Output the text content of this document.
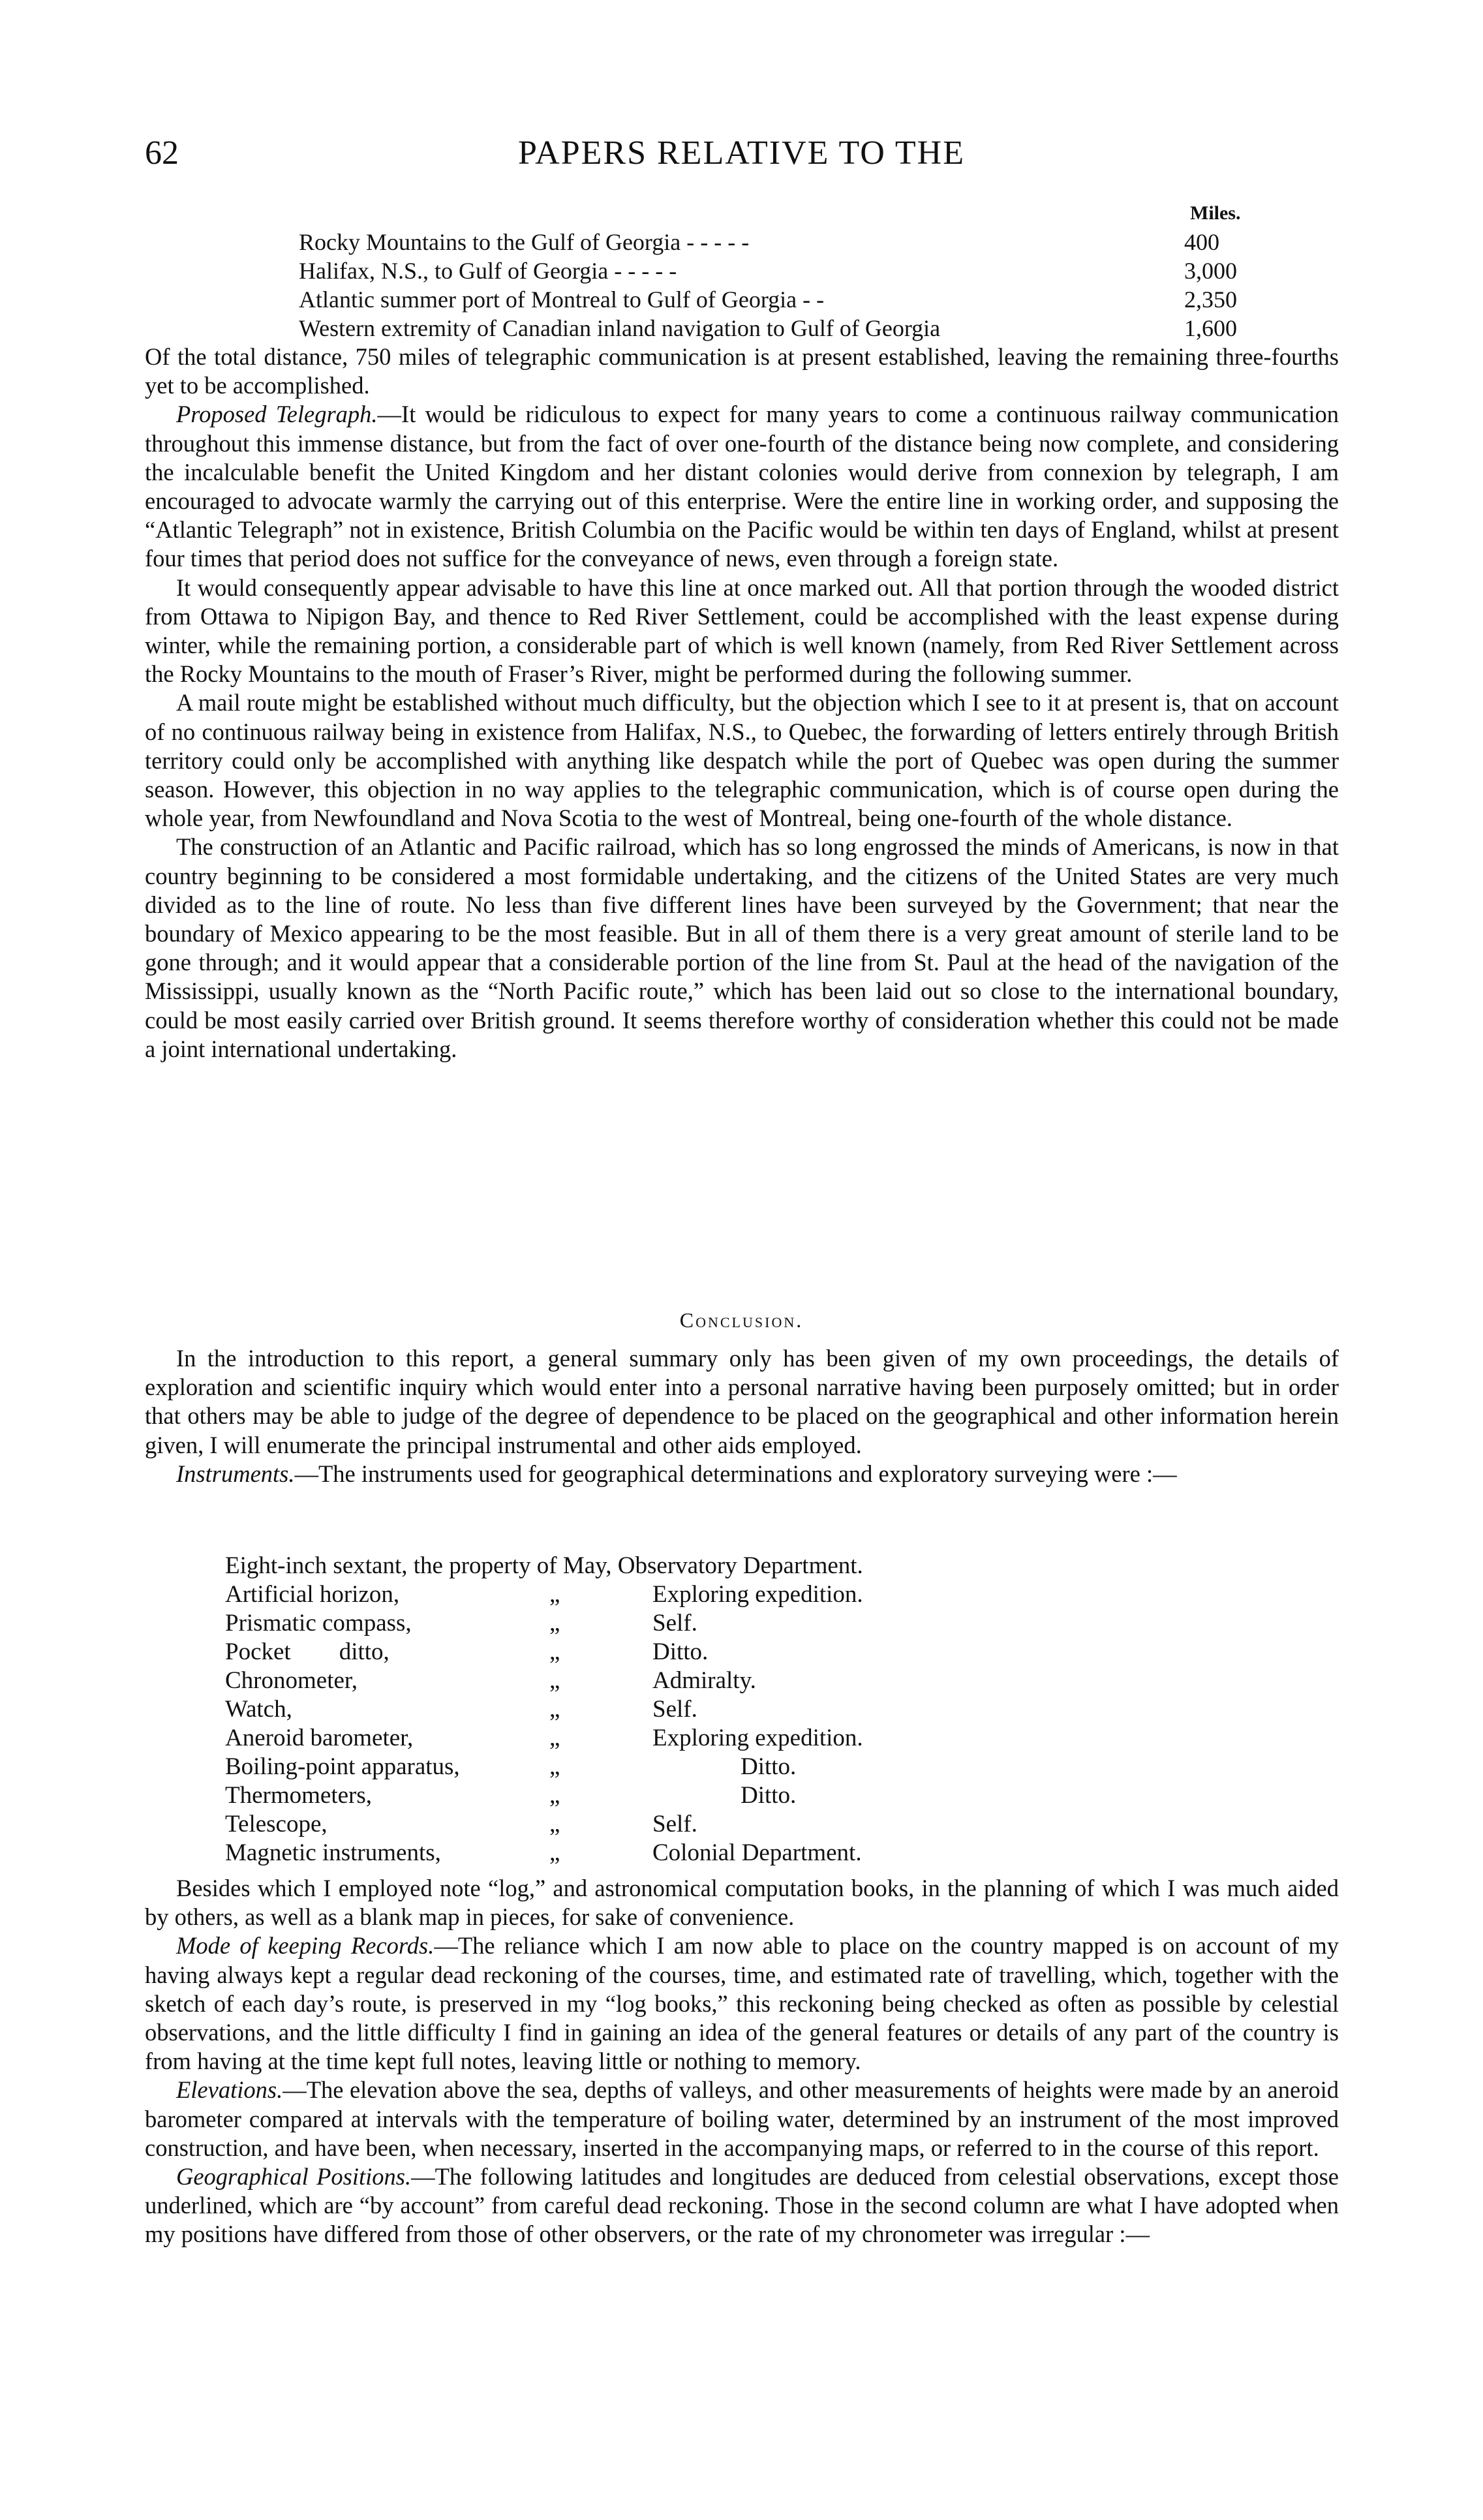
62	PAPERS RELATIVE TO THE
Miles.
Rocky Mountains to the Gulf of Georgia - - - - -	400
Halifax, N.S., to Gulf of Georgia - - - - -	3,000
Atlantic summer port of Montreal to Gulf of Georgia - -	2,350
Western extremity of Canadian inland navigation to Gulf of Georgia	1,600

Of the total distance, 750 miles of telegraphic communication is at present established, leaving the remaining three-fourths yet to be accomplished.

Proposed Telegraph.—It would be ridiculous to expect for many years to come a continuous railway communication throughout this immense distance, but from the fact of over one-fourth of the distance being now complete, and considering the incalculable benefit the United Kingdom and her distant colonies would derive from connexion by telegraph, I am encouraged to advocate warmly the carrying out of this enterprise. Were the entire line in working order, and supposing the “Atlantic Telegraph” not in existence, British Columbia on the Pacific would be within ten days of England, whilst at present four times that period does not suffice for the conveyance of news, even through a foreign state.

It would consequently appear advisable to have this line at once marked out. All that portion through the wooded district from Ottawa to Nipigon Bay, and thence to Red River Settlement, could be accomplished with the least expense during winter, while the remaining portion, a considerable part of which is well known (namely, from Red River Settlement across the Rocky Mountains to the mouth of Fraser’s River, might be performed during the following summer.

A mail route might be established without much difficulty, but the objection which I see to it at present is, that on account of no continuous railway being in existence from Halifax, N.S., to Quebec, the forwarding of letters entirely through British territory could only be accomplished with anything like despatch while the port of Quebec was open during the summer season. However, this objection in no way applies to the telegraphic communication, which is of course open during the whole year, from Newfoundland and Nova Scotia to the west of Montreal, being one-fourth of the whole distance.

The construction of an Atlantic and Pacific railroad, which has so long engrossed the minds of Americans, is now in that country beginning to be considered a most formidable undertaking, and the citizens of the United States are very much divided as to the line of route. No less than five different lines have been surveyed by the Government; that near the boundary of Mexico appearing to be the most feasible. But in all of them there is a very great amount of sterile land to be gone through; and it would appear that a considerable portion of the line from St. Paul at the head of the navigation of the Mississippi, usually known as the “North Pacific route,” which has been laid out so close to the international boundary, could be most easily carried over British ground. It seems therefore worthy of consideration whether this could not be made a joint international undertaking.

Conclusion.

In the introduction to this report, a general summary only has been given of my own proceedings, the details of exploration and scientific inquiry which would enter into a personal narrative having been purposely omitted; but in order that others may be able to judge of the degree of dependence to be placed on the geographical and other information herein given, I will enumerate the principal instrumental and other aids employed.

Instruments.—The instruments used for geographical determinations and exploratory surveying were :—

Eight-inch sextant, the property of May, Observatory Department.
Artificial horizon,	„	Exploring expedition.
Prismatic compass,	„	Self.
Pocket        ditto,	„	Ditto.
Chronometer,	„	Admiralty.
Watch,	„	Self.
Aneroid barometer,	„	Exploring expedition.
Boiling-point apparatus,	„	Ditto.
Thermometers,	„	Ditto.
Telescope,	„	Self.
Magnetic instruments,	„	Colonial Department.

Besides which I employed note “log,” and astronomical computation books, in the planning of which I was much aided by others, as well as a blank map in pieces, for sake of convenience.

Mode of keeping Records.—The reliance which I am now able to place on the country mapped is on account of my having always kept a regular dead reckoning of the courses, time, and estimated rate of travelling, which, together with the sketch of each day’s route, is preserved in my “log books,” this reckoning being checked as often as possible by celestial observations, and the little difficulty I find in gaining an idea of the general features or details of any part of the country is from having at the time kept full notes, leaving little or nothing to memory.

Elevations.—The elevation above the sea, depths of valleys, and other measurements of heights were made by an aneroid barometer compared at intervals with the temperature of boiling water, determined by an instrument of the most improved construction, and have been, when necessary, inserted in the accompanying maps, or referred to in the course of this report.

Geographical Positions.—The following latitudes and longitudes are deduced from celestial observations, except those underlined, which are “by account” from careful dead reckoning. Those in the second column are what I have adopted when my positions have differed from those of other observers, or the rate of my chronometer was irregular :—
